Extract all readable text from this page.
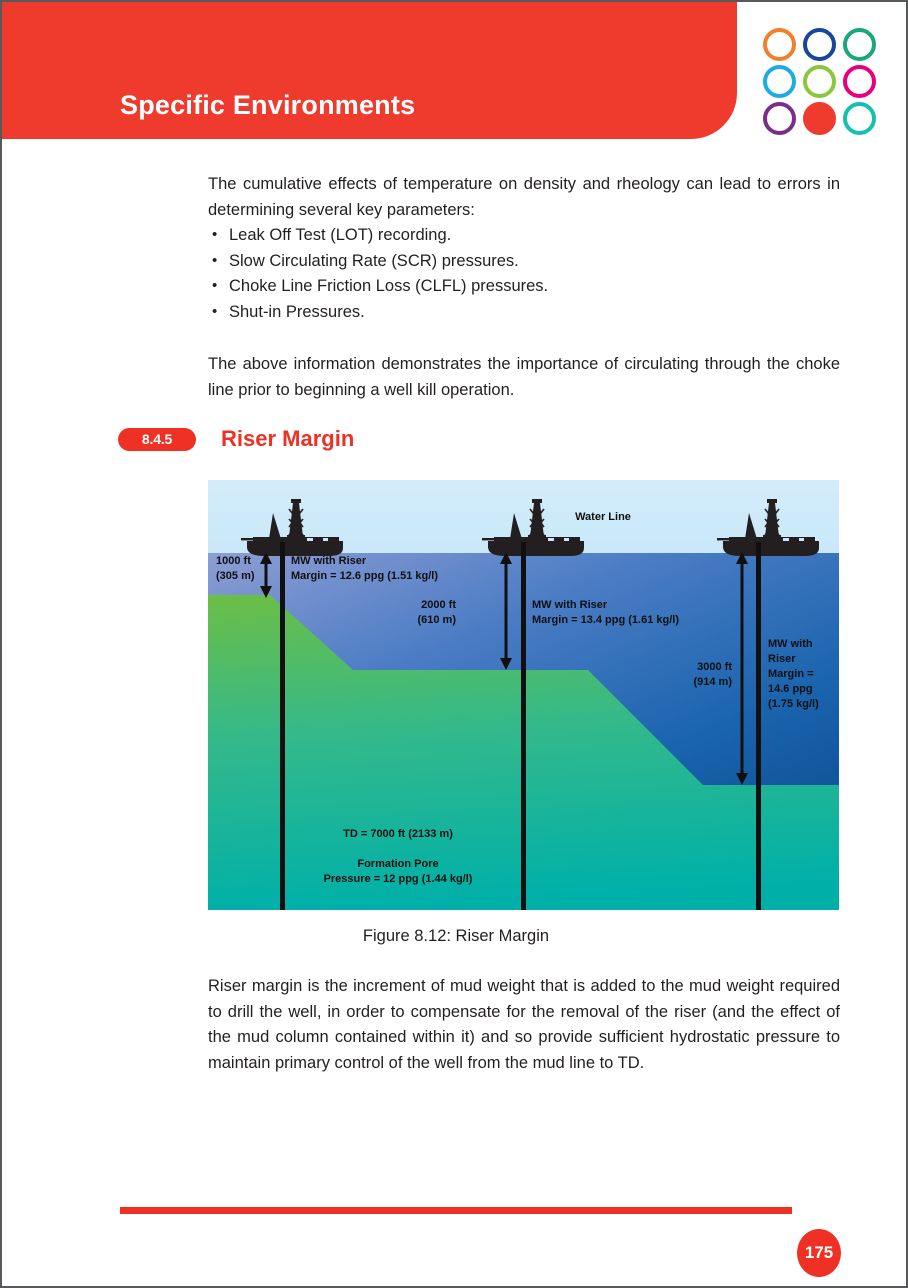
Specific Environments
The cumulative effects of temperature on density and rheology can lead to errors in determining several key parameters:
• Leak Off Test (LOT) recording.
• Slow Circulating Rate (SCR) pressures.
• Choke Line Friction Loss (CLFL) pressures.
• Shut-in Pressures.
The above information demonstrates the importance of circulating through the choke line prior to beginning a well kill operation.
8.4.5	Riser Margin
Water Line
1000 ft
(305 m)
MW with Riser
Margin = 12.6 ppg (1.51 kg/l)
2000 ft
(610 m)
MW with Riser
Margin = 13.4 ppg (1.61 kg/l)
3000 ft
(914 m)
MW with
Riser
Margin =
14.6 ppg
(1.75 kg/l)
TD = 7000 ft (2133 m)
Formation Pore
Pressure = 12 ppg (1.44 kg/l)
Figure 8.12: Riser Margin
Riser margin is the increment of mud weight that is added to the mud weight required to drill the well, in order to compensate for the removal of the riser (and the effect of the mud column contained within it) and so provide sufficient hydrostatic pressure to maintain primary control of the well from the mud line to TD.
175
